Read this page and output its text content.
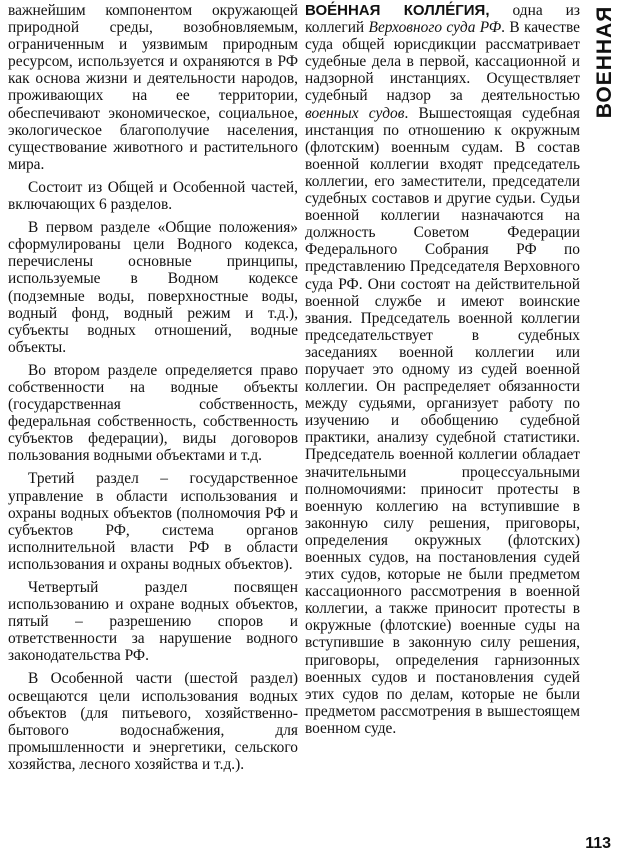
важнейшим компонентом окружающей природной среды, возобновляемым, ограниченным и уязвимым природным ресурсом, используется и охраняются в РФ как основа жизни и деятельности народов, проживающих на ее территории, обеспечивают экономическое, социальное, экологическое благополучие населения, существование животного и растительного мира.

Состоит из Общей и Особенной частей, включающих 6 разделов.

В первом разделе «Общие положения» сформулированы цели Водного кодекса, перечислены основные принципы, используемые в Водном кодексе (подземные воды, поверхностные воды, водный фонд, водный режим и т.д.), субъекты водных отношений, водные объекты.

Во втором разделе определяется право собственности на водные объекты (государственная собственность, федеральная собственность, собственность субъектов федерации), виды договоров пользования водными объектами и т.д.

Третий раздел – государственное управление в области использования и охраны водных объектов (полномочия РФ и субъектов РФ, система органов исполнительной власти РФ в области использования и охраны водных объектов).

Четвертый раздел посвящен использованию и охране водных объектов, пятый – разрешению споров и ответственности за нарушение водного законодательства РФ.

В Особенной части (шестой раздел) освещаются цели использования водных объектов (для питьевого, хозяйственно-бытового водоснабжения, для промышленности и энергетики, сельского хозяйства, лесного хозяйства и т.д.).

ВОЕ́ННАЯ КОЛЛЕ́ГИЯ, одна из коллегий Верховного суда РФ. В качестве суда общей юрисдикции рассматривает судебные дела в первой, кассационной и надзорной инстанциях. Осуществляет судебный надзор за деятельностью военных судов. Вышестоящая судебная инстанция по отношению к окружным (флотским) военным судам. В состав военной коллегии входят председатель коллегии, его заместители, председатели судебных составов и другие судьи. Судьи военной коллегии назначаются на должность Советом Федерации Федерального Собрания РФ по представлению Председателя Верховного суда РФ. Они состоят на действительной военной службе и имеют воинские звания. Председатель военной коллегии председательствует в судебных заседаниях военной коллегии или поручает это одному из судей военной коллегии. Он распределяет обязанности между судьями, организует работу по изучению и обобщению судебной практики, анализу судебной статистики. Председатель военной коллегии обладает значительными процессуальными полномочиями: приносит протесты в военную коллегию на вступившие в законную силу решения, приговоры, определения окружных (флотских) военных судов, на постановления судей этих судов, которые не были предметом кассационного рассмотрения в военной коллегии, а также приносит протесты в окружные (флотские) военные суды на вступившие в законную силу решения, приговоры, определения гарнизонных военных судов и постановления судей этих судов по делам, которые не были предметом рассмотрения в вышестоящем военном суде.

ВОЕННАЯ
113
